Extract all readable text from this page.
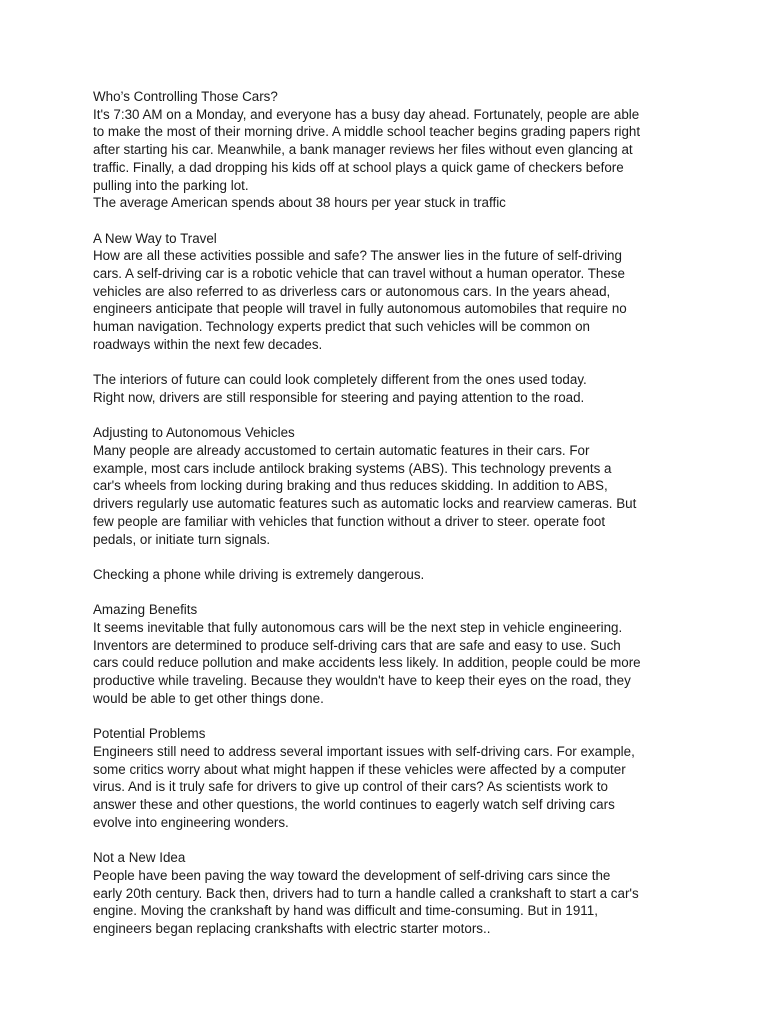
Who’s Controlling Those Cars?

It's 7:30 AM on a Monday, and everyone has a busy day ahead. Fortunately, people are able

to make the most of their morning drive. A middle school teacher begins grading papers right

after starting his car. Meanwhile, a bank manager reviews her files without even glancing at

traffic. Finally, a dad dropping his kids off at school plays a quick game of checkers before

pulling into the parking lot.

The average American spends about 38 hours per year stuck in traffic

A New Way to Travel

How are all these activities possible and safe? The answer lies in the future of self-driving

cars. A self-driving car is a robotic vehicle that can travel without a human operator. These

vehicles are also referred to as driverless cars or autonomous cars. In the years ahead,

engineers anticipate that people will travel in fully autonomous automobiles that require no

human navigation. Technology experts predict that such vehicles will be common on

roadways within the next few decades.

The interiors of future can could look completely different from the ones used today.

Right now, drivers are still responsible for steering and paying attention to the road.

Adjusting to Autonomous Vehicles

Many people are already accustomed to certain automatic features in their cars. For

example, most cars include antilock braking systems (ABS). This technology prevents a

car's wheels from locking during braking and thus reduces skidding. In addition to ABS,

drivers regularly use automatic features such as automatic locks and rearview cameras. But

few people are familiar with vehicles that function without a driver to steer. operate foot

pedals, or initiate turn signals.

Checking a phone while driving is extremely dangerous.

Amazing Benefits

It seems inevitable that fully autonomous cars will be the next step in vehicle engineering.

Inventors are determined to produce self-driving cars that are safe and easy to use. Such

cars could reduce pollution and make accidents less likely. In addition, people could be more

productive while traveling. Because they wouldn't have to keep their eyes on the road, they

would be able to get other things done.

Potential Problems

Engineers still need to address several important issues with self-driving cars. For example,

some critics worry about what might happen if these vehicles were affected by a computer

virus. And is it truly safe for drivers to give up control of their cars? As scientists work to

answer these and other questions, the world continues to eagerly watch self driving cars

evolve into engineering wonders.

Not a New Idea

People have been paving the way toward the development of self-driving cars since the

early 20th century. Back then, drivers had to turn a handle called a crankshaft to start a car's

engine. Moving the crankshaft by hand was difficult and time-consuming. But in 1911,

engineers began replacing crankshafts with electric starter motors..
